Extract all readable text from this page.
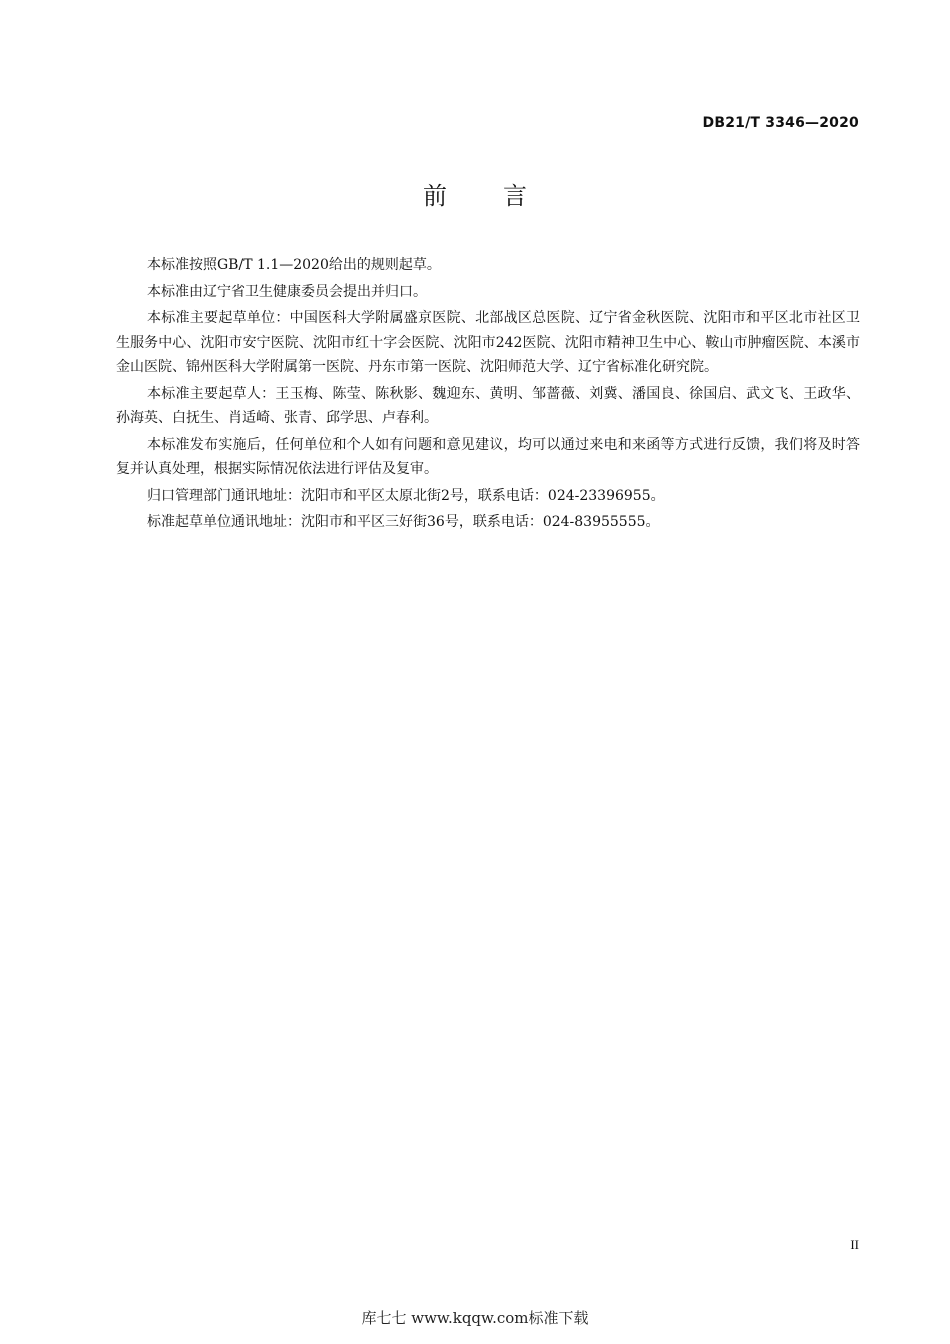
DB21/T 3346—2020
前 言

本标准按照GB/T 1.1—2020给出的规则起草。

本标准由辽宁省卫生健康委员会提出并归口。

本标准主要起草单位：中国医科大学附属盛京医院、北部战区总医院、辽宁省金秋医院、沈阳市和平区北市社区卫生服务中心、沈阳市安宁医院、沈阳市红十字会医院、沈阳市242医院、沈阳市精神卫生中心、鞍山市肿瘤医院、本溪市金山医院、锦州医科大学附属第一医院、丹东市第一医院、沈阳师范大学、辽宁省标准化研究院。

本标准主要起草人：王玉梅、陈莹、陈秋影、魏迎东、黄明、邹蔷薇、刘冀、潘国良、徐国启、武文飞、王政华、孙海英、白抚生、肖适崎、张青、邱学思、卢春利。

本标准发布实施后，任何单位和个人如有问题和意见建议，均可以通过来电和来函等方式进行反馈，我们将及时答复并认真处理，根据实际情况依法进行评估及复审。

归口管理部门通讯地址：沈阳市和平区太原北街2号，联系电话：024-23396955。

标准起草单位通讯地址：沈阳市和平区三好街36号，联系电话：024-83955555。

II
库七七 www.kqqw.com标准下载
